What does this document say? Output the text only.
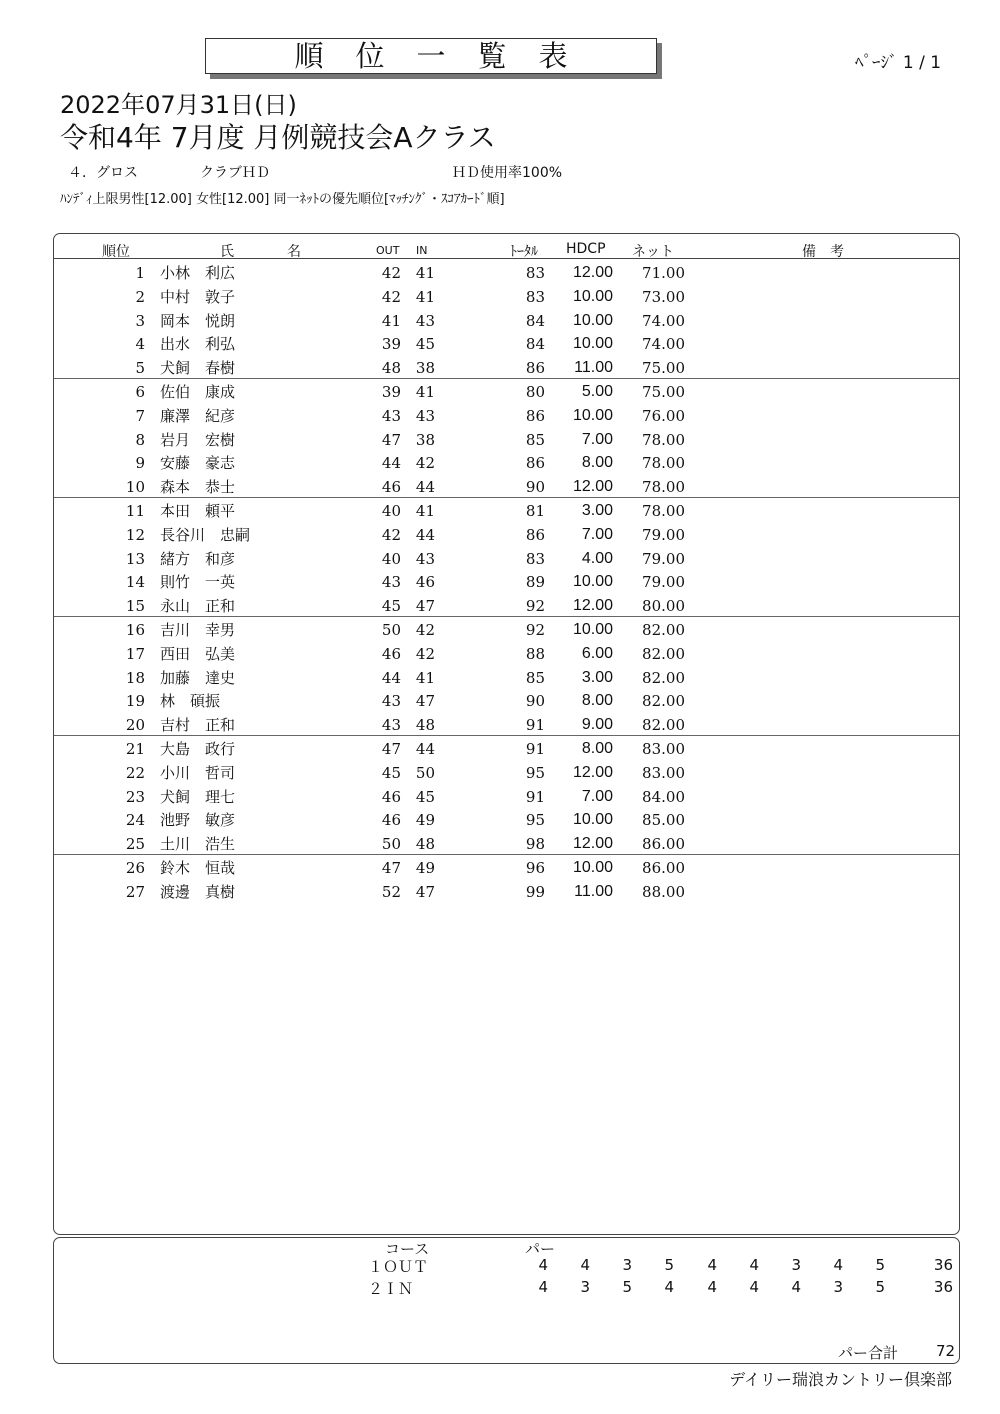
順位一覧表	ﾍﾟｰｼﾞ 1 / 1
2022年07月31日(日)
令和4年 7月度 月例競技会Aクラス
４．グロス	クラブＨＤ	ＨＤ使用率100%
ﾊﾝﾃﾞｨ上限男性[12.00] 女性[12.00] 同一ﾈｯﾄの優先順位[ﾏｯﾁﾝｸﾞ・ｽｺｱｶｰﾄﾞ順]
順位	氏	名	OUT IN	ﾄｰﾀﾙ HDCP ネット	備　考
1 小林　利広	42 41	83	12.00	71.00
2 中村　敦子	42 41	83	10.00	73.00
3 岡本　悦朗	41 43	84	10.00	74.00
4 出水　利弘	39 45	84	10.00	74.00
5 犬飼　春樹	48 38	86	11.00	75.00
6 佐伯　康成	39 41	80	5.00	75.00
7 廉澤　紀彦	43 43	86	10.00	76.00
8 岩月　宏樹	47 38	85	7.00	78.00
9 安藤　豪志	44 42	86	8.00	78.00
10 森本　恭士	46 44	90	12.00	78.00
11 本田　頼平	40 41	81	3.00	78.00
12 長谷川　忠嗣	42 44	86	7.00	79.00
13 緒方　和彦	40 43	83	4.00	79.00
14 則竹　一英	43 46	89	10.00	79.00
15 永山　正和	45 47	92	12.00	80.00
16 吉川　幸男	50 42	92	10.00	82.00
17 西田　弘美	46 42	88	6.00	82.00
18 加藤　達史	44 41	85	3.00	82.00
19 林　碩振	43 47	90	8.00	82.00
20 吉村　正和	43 48	91	9.00	82.00
21 大島　政行	47 44	91	8.00	83.00
22 小川　哲司	45 50	95	12.00	83.00
23 犬飼　理七	46 45	91	7.00	84.00
24 池野　敏彦	46 49	95	10.00	85.00
25 土川　浩生	50 48	98	12.00	86.00
26 鈴木　恒哉	47 49	96	10.00	86.00
27 渡邊　真樹	52 47	99	11.00	88.00
コース	パー
１ＯＵＴ	4	4	3	5	4	4	3	4	5	36
２ＩＮ	4	3	5	4	4	4	4	3	5	36
パー合計	72
デイリー瑞浪カントリー倶楽部
